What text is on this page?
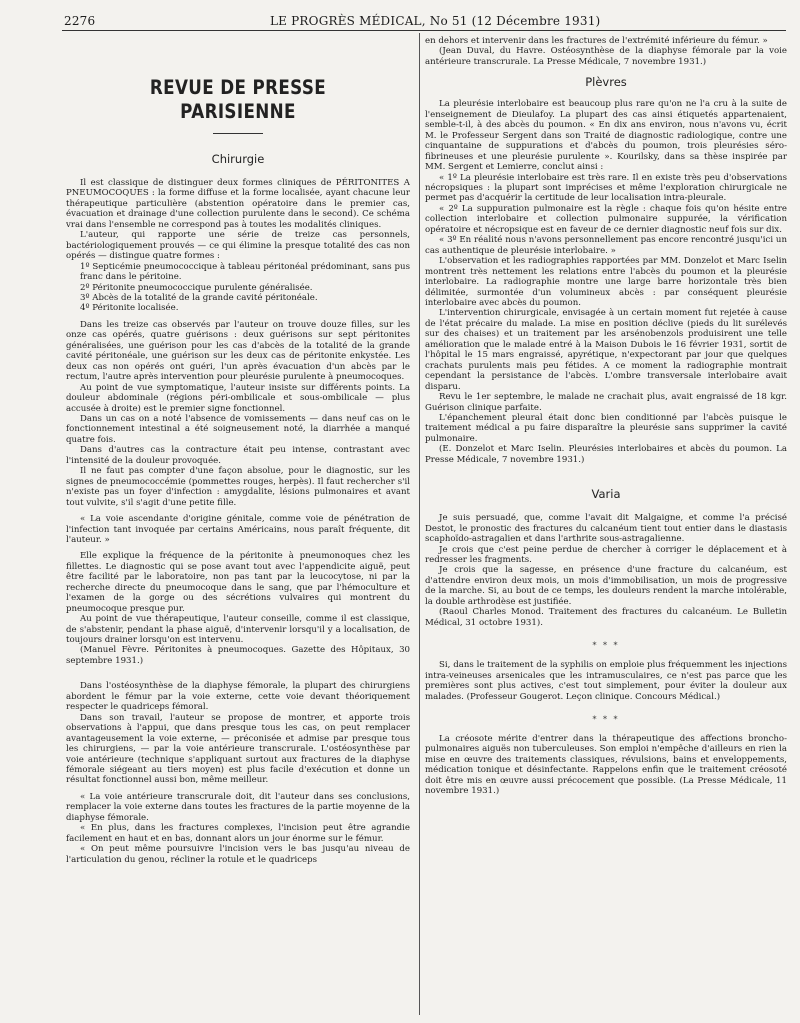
2276	LE PROGRÈS MÉDICAL, No 51 (12 Décembre 1931)
REVUE DE PRESSE PARISIENNE
Chirurgie

Il est classique de distinguer deux formes cliniques de PÉRITONITES A PNEUMOCOQUES : la forme diffuse et la forme localisée, ayant chacune leur thérapeutique particulière (abstention opératoire dans le premier cas, évacuation et drainage d'une collection purulente dans le second). Ce schéma vrai dans l'ensemble ne correspond pas à toutes les modalités cliniques.

L'auteur, qui rapporte une série de treize cas personnels, bactériologiquement prouvés — ce qui élimine la presque totalité des cas non opérés — distingue quatre formes :

1º Septicémie pneumococcique à tableau péritonéal prédominant, sans pus franc dans le péritoine.

2º Péritonite pneumococcique purulente généralisée.

3º Abcès de la totalité de la grande cavité péritonéale.

4º Péritonite localisée.

Dans les treize cas observés par l'auteur on trouve douze filles, sur les onze cas opérés, quatre guérisons : deux guérisons sur sept péritonites généralisées, une guérison pour les cas d'abcès de la totalité de la grande cavité péritonéale, une guérison sur les deux cas de péritonite enkystée. Les deux cas non opérés ont guéri, l'un après évacuation d'un abcès par le rectum, l'autre après intervention pour pleurésie purulente à pneumocoques.

Au point de vue symptomatique, l'auteur insiste sur différents points. La douleur abdominale (régions péri-ombilicale et sous-ombilicale — plus accusée à droite) est le premier signe fonctionnel.

Dans un cas on a noté l'absence de vomissements — dans neuf cas on le fonctionnement intestinal a été soigneusement noté, la diarrhée a manqué quatre fois.

Dans d'autres cas la contracture était peu intense, contrastant avec l'intensité de la douleur provoquée.

Il ne faut pas compter d'une façon absolue, pour le diagnostic, sur les signes de pneumococcémie (pommettes rouges, herpès). Il faut rechercher s'il n'existe pas un foyer d'infection : amygdalite, lésions pulmonaires et avant tout vulvite, s'il s'agit d'une petite fille.

« La voie ascendante d'origine génitale, comme voie de pénétration de l'infection tant invoquée par certains Américains, nous paraît fréquente, dit l'auteur. »

Elle explique la fréquence de la péritonite à pneumonoques chez les fillettes. Le diagnostic qui se pose avant tout avec l'appendicite aiguë, peut être facilité par le laboratoire, non pas tant par la leucocytose, ni par la recherche directe du pneumocoque dans le sang, que par l'hémoculture et l'examen de la gorge ou des sécrétions vulvaires qui montrent du pneumocoque presque pur.

Au point de vue thérapeutique, l'auteur conseille, comme il est classique, de s'abstenir, pendant la phase aiguë, d'intervenir lorsqu'il y a localisation, de toujours drainer lorsqu'on est intervenu.

(Manuel Fèvre. Péritonites à pneumocoques. Gazette des Hôpitaux, 30 septembre 1931.)

Dans l'ostéosynthèse de la diaphyse fémorale, la plupart des chirurgiens abordent le fémur par la voie externe, cette voie devant théoriquement respecter le quadriceps fémoral.

Dans son travail, l'auteur se propose de montrer, et apporte trois observations à l'appui, que dans presque tous les cas, on peut remplacer avantageusement la voie externe, — préconisée et admise par presque tous les chirurgiens, — par la voie antérieure transcrurale. L'ostéosynthèse par voie antérieure (technique s'appliquant surtout aux fractures de la diaphyse fémorale siégeant au tiers moyen) est plus facile d'exécution et donne un résultat fonctionnel aussi bon, même meilleur.

« La voie antérieure transcrurale doit, dit l'auteur dans ses conclusions, remplacer la voie externe dans toutes les fractures de la partie moyenne de la diaphyse fémorale.

« En plus, dans les fractures complexes, l'incision peut être agrandie facilement en haut et en bas, donnant alors un jour énorme sur le fémur.

« On peut même poursuivre l'incision vers le bas jusqu'au niveau de l'articulation du genou, récliner la rotule et le quadriceps

en dehors et intervenir dans les fractures de l'extrémité inférieure du fémur. »

(Jean Duval, du Havre. Ostéosynthèse de la diaphyse fémorale par la voie antérieure transcrurale. La Presse Médicale, 7 novembre 1931.)

Plèvres

La pleurésie interlobaire est beaucoup plus rare qu'on ne l'a cru à la suite de l'enseignement de Dieulafoy. La plupart des cas ainsi étiquetés appartenaient, semble-t-il, à des abcès du poumon. « En dix ans environ, nous n'avons vu, écrit M. le Professeur Sergent dans son Traité de diagnostic radiologique, contre une cinquantaine de suppurations et d'abcès du poumon, trois pleurésies séro-fibrineuses et une pleurésie purulente ». Kourilsky, dans sa thèse inspirée par MM. Sergent et Lemierre, conclut ainsi :

« 1º La pleurésie interlobaire est très rare. Il en existe très peu d'observations nécropsiques : la plupart sont imprécises et même l'exploration chirurgicale ne permet pas d'acquérir la certitude de leur localisation intra-pleurale.

« 2º La suppuration pulmonaire est la règle : chaque fois qu'on hésite entre collection interlobaire et collection pulmonaire suppurée, la vérification opératoire et nécropsique est en faveur de ce dernier diagnostic neuf fois sur dix.

« 3º En réalité nous n'avons personnellement pas encore rencontré jusqu'ici un cas authentique de pleurésie interlobaire. »

L'observation et les radiographies rapportées par MM. Donzelot et Marc Iselin montrent très nettement les relations entre l'abcès du poumon et la pleurésie interlobaire. La radiographie montre une large barre horizontale très bien délimitée, surmontée d'un volumineux abcès : par conséquent pleurésie interlobaire avec abcès du poumon.

L'intervention chirurgicale, envisagée à un certain moment fut rejetée à cause de l'état précaire du malade. La mise en position déclive (pieds du lit surélevés sur des chaises) et un traitement par les arsénobenzols produisirent une telle amélioration que le malade entré à la Maison Dubois le 16 février 1931, sortit de l'hôpital le 15 mars engraissé, apyrétique, n'expectorant par jour que quelques crachats purulents mais peu fétides. A ce moment la radiographie montrait cependant la persistance de l'abcès. L'ombre transversale interlobaire avait disparu.

Revu le 1er septembre, le malade ne crachait plus, avait engraissé de 18 kgr. Guérison clinique parfaite.

L'épanchement pleural était donc bien conditionné par l'abcès puisque le traitement médical a pu faire disparaître la pleurésie sans supprimer la cavité pulmonaire.

(E. Donzelot et Marc Iselin. Pleurésies interlobaires et abcès du poumon. La Presse Médicale, 7 novembre 1931.)

Varia

Je suis persuadé, que, comme l'avait dit Malgaigne, et comme l'a précisé Destot, le pronostic des fractures du calcanéum tient tout entier dans le diastasis scaphoïdo-astragalien et dans l'arthrite sous-astragalienne.

Je crois que c'est peine perdue de chercher à corriger le déplacement et à redresser les fragments.

Je crois que la sagesse, en présence d'une fracture du calcanéum, est d'attendre environ deux mois, un mois d'immobilisation, un mois de progressive de la marche. Si, au bout de ce temps, les douleurs rendent la marche intolérable, la double arthrodèse est justifiée.

(Raoul Charles Monod. Traitement des fractures du calcanéum. Le Bulletin Médical, 31 octobre 1931).

* * *

Si, dans le traitement de la syphilis on emploie plus fréquemment les injections intra-veineuses arsenicales que les intramusculaires, ce n'est pas parce que les premières sont plus actives, c'est tout simplement, pour éviter la douleur aux malades. (Professeur Gougerot. Leçon clinique. Concours Médical.)

* * *

La créosote mérite d'entrer dans la thérapeutique des affections broncho-pulmonaires aiguës non tuberculeuses. Son emploi n'empêche d'ailleurs en rien la mise en œuvre des traitements classiques, révulsions, bains et enveloppements, médication tonique et désinfectante. Rappelons enfin que le traitement créosoté doit être mis en œuvre aussi précocement que possible. (La Presse Médicale, 11 novembre 1931.)
